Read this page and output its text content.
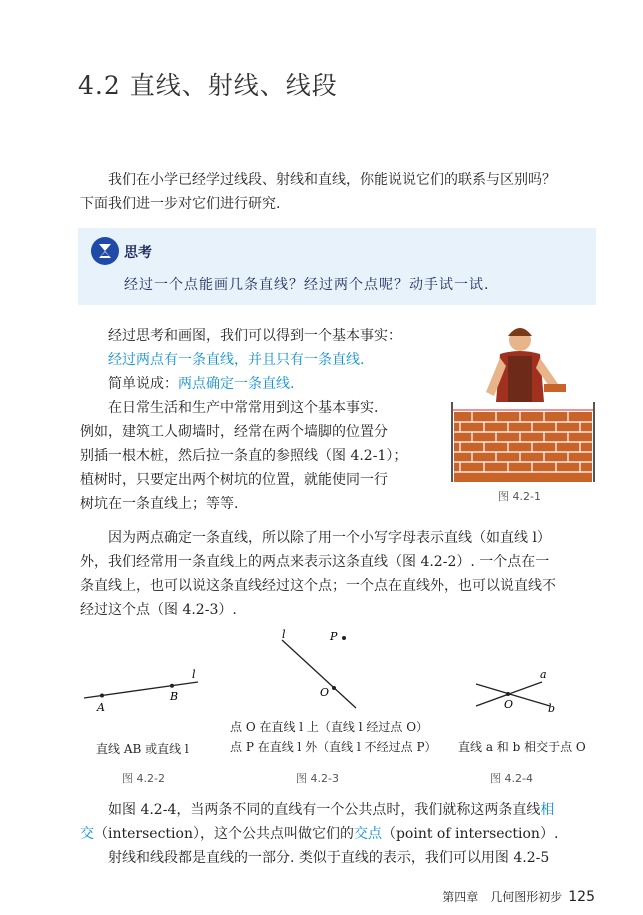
4.2 直线、射线、线段
我们在小学已经学过线段、射线和直线，你能说说它们的联系与区别吗？
下面我们进一步对它们进行研究.
思考
经过一个点能画几条直线？经过两个点呢？动手试一试.
经过思考和画图，我们可以得到一个基本事实：
经过两点有一条直线，并且只有一条直线.
简单说成：两点确定一条直线.
在日常生活和生产中常常用到这个基本事实.
例如，建筑工人砌墙时，经常在两个墙脚的位置分
别插一根木桩，然后拉一条直的参照线（图 4.2-1）；
植树时，只要定出两个树坑的位置，就能使同一行
树坑在一条直线上；等等.	图 4.2-1
因为两点确定一条直线，所以除了用一个小写字母表示直线（如直线 l）
外，我们经常用一条直线上的两点来表示这条直线（图 4.2-2）. 一个点在一
条直线上，也可以说这条直线经过这个点；一个点在直线外，也可以说直线不
经过这个点（图 4.2-3）.
A
B
l
直线 AB 或直线 l
图 4.2-2
l	P
O
点 O 在直线 l 上（直线 l 经过点 O）
点 P 在直线 l 外（直线 l 不经过点 P）
图 4.2-3
a
b
O
直线 a 和 b 相交于点 O
图 4.2-4
如图 4.2-4，当两条不同的直线有一个公共点时，我们就称这两条直线相
交（intersection），这个公共点叫做它们的交点（point of intersection）.
射线和线段都是直线的一部分. 类似于直线的表示，我们可以用图 4.2-5
第四章　几何图形初步 125
